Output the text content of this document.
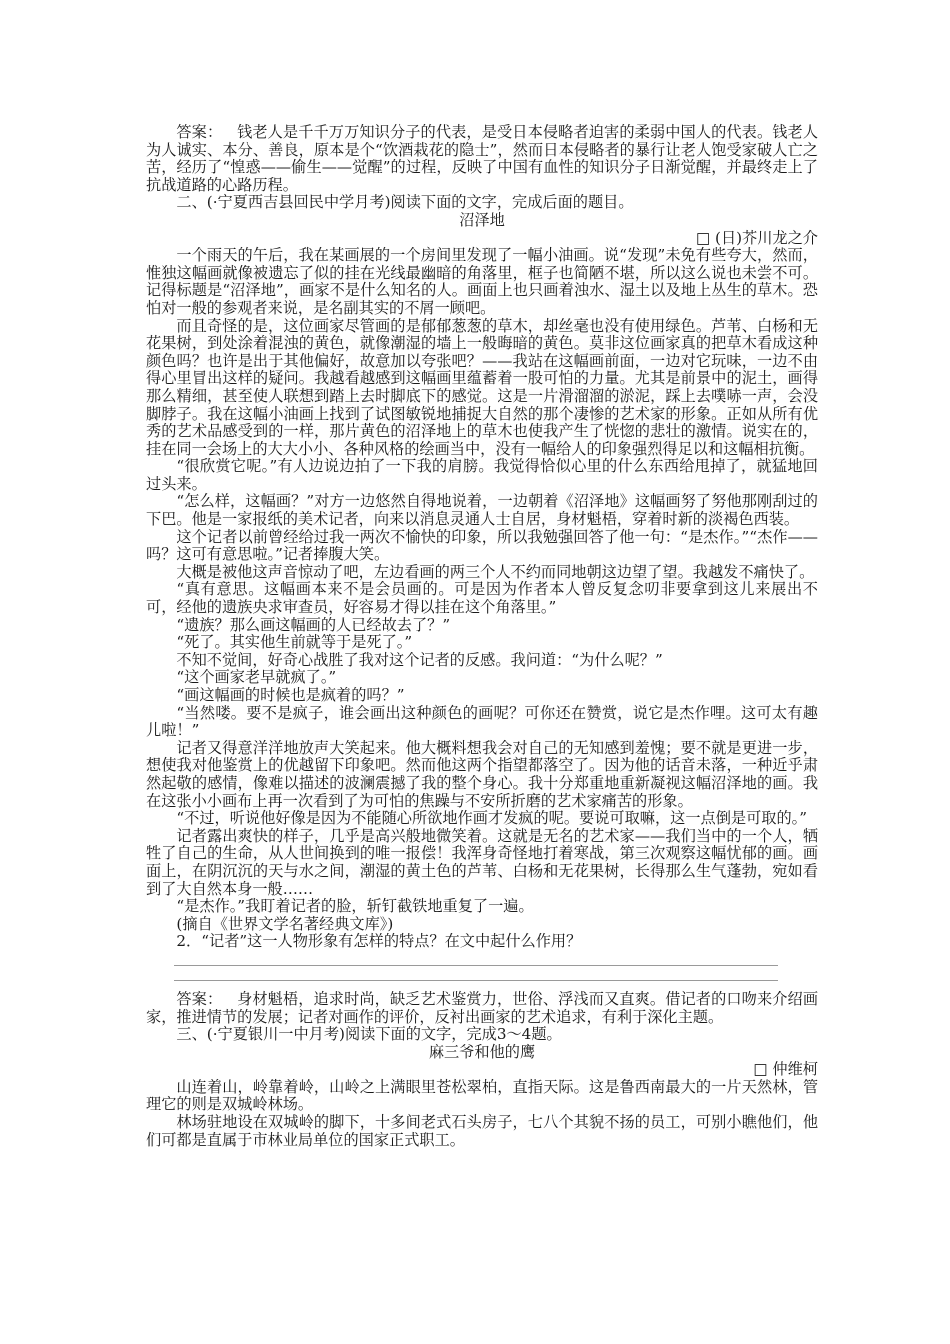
答案： 钱老人是千千万万知识分子的代表，是受日本侵略者迫害的柔弱中国人的代表。钱老人为人诚实、本分、善良，原本是个“饮酒栽花的隐士”，然而日本侵略者的暴行让老人饱受家破人亡之苦，经历了“惶惑——偷生——觉醒”的过程，反映了中国有血性的知识分子日渐觉醒，并最终走上了抗战道路的心路历程。

二、(·宁夏西吉县回民中学月考)阅读下面的文字，完成后面的题目。

沼泽地

□ (日)芥川龙之介

一个雨天的午后，我在某画展的一个房间里发现了一幅小油画。说“发现”未免有些夸大，然而，惟独这幅画就像被遗忘了似的挂在光线最幽暗的角落里，框子也简陋不堪，所以这么说也未尝不可。记得标题是“沼泽地”，画家不是什么知名的人。画面上也只画着浊水、湿土以及地上丛生的草木。恐怕对一般的参观者来说，是名副其实的不屑一顾吧。

而且奇怪的是，这位画家尽管画的是郁郁葱葱的草木，却丝毫也没有使用绿色。芦苇、白杨和无花果树，到处涂着混浊的黄色，就像潮湿的墙上一般晦暗的黄色。莫非这位画家真的把草木看成这种颜色吗？也许是出于其他偏好，故意加以夸张吧？——我站在这幅画前面，一边对它玩味，一边不由得心里冒出这样的疑问。我越看越感到这幅画里蕴蓄着一股可怕的力量。尤其是前景中的泥土，画得那么精细，甚至使人联想到踏上去时脚底下的感觉。这是一片滑溜溜的淤泥，踩上去噗哧一声，会没脚脖子。我在这幅小油画上找到了试图敏锐地捕捉大自然的那个凄惨的艺术家的形象。正如从所有优秀的艺术品感受到的一样，那片黄色的沼泽地上的草木也使我产生了恍惚的悲壮的激情。说实在的，挂在同一会场上的大大小小、各种风格的绘画当中，没有一幅给人的印象强烈得足以和这幅相抗衡。

“很欣赏它呢。”有人边说边拍了一下我的肩膀。我觉得恰似心里的什么东西给甩掉了，就猛地回过头来。

“怎么样，这幅画？”对方一边悠然自得地说着，一边朝着《沼泽地》这幅画努了努他那刚刮过的下巴。他是一家报纸的美术记者，向来以消息灵通人士自居，身材魁梧，穿着时新的淡褐色西装。

这个记者以前曾经给过我一两次不愉快的印象，所以我勉强回答了他一句：“是杰作。”“杰作——吗？这可有意思啦。”记者捧腹大笑。

大概是被他这声音惊动了吧，左边看画的两三个人不约而同地朝这边望了望。我越发不痛快了。

“真有意思。这幅画本来不是会员画的。可是因为作者本人曾反复念叨非要拿到这儿来展出不可，经他的遗族央求审查员，好容易才得以挂在这个角落里。”

“遗族？那么画这幅画的人已经故去了？”

“死了。其实他生前就等于是死了。”

不知不觉间，好奇心战胜了我对这个记者的反感。我问道：“为什么呢？”

“这个画家老早就疯了。”

“画这幅画的时候也是疯着的吗？”

“当然喽。要不是疯子，谁会画出这种颜色的画呢？可你还在赞赏，说它是杰作哩。这可太有趣儿啦！”

记者又得意洋洋地放声大笑起来。他大概料想我会对自己的无知感到羞愧；要不就是更进一步，想使我对他鉴赏上的优越留下印象吧。然而他这两个指望都落空了。因为他的话音未落，一种近乎肃然起敬的感情，像难以描述的波澜震撼了我的整个身心。我十分郑重地重新凝视这幅沼泽地的画。我在这张小小画布上再一次看到了为可怕的焦躁与不安所折磨的艺术家痛苦的形象。

“不过，听说他好像是因为不能随心所欲地作画才发疯的呢。要说可取嘛，这一点倒是可取的。”

记者露出爽快的样子，几乎是高兴般地微笑着。这就是无名的艺术家——我们当中的一个人，牺牲了自己的生命，从人世间换到的唯一报偿！我浑身奇怪地打着寒战，第三次观察这幅忧郁的画。画面上，在阴沉沉的天与水之间，潮湿的黄土色的芦苇、白杨和无花果树，长得那么生气蓬勃，宛如看到了大自然本身一般……

“是杰作。”我盯着记者的脸，斩钉截铁地重复了一遍。

(摘自《世界文学名著经典文库》)

2．“记者”这一人物形象有怎样的特点？在文中起什么作用？

答案： 身材魁梧，追求时尚，缺乏艺术鉴赏力，世俗、浮浅而又直爽。借记者的口吻来介绍画家，推进情节的发展；记者对画作的评价，反衬出画家的艺术追求，有利于深化主题。

三、(·宁夏银川一中月考)阅读下面的文字，完成3～4题。

麻三爷和他的鹰

□ 仲维柯

山连着山，岭靠着岭，山岭之上满眼里苍松翠柏，直指天际。这是鲁西南最大的一片天然林，管理它的则是双城岭林场。

林场驻地设在双城岭的脚下，十多间老式石头房子，七八个其貌不扬的员工，可别小瞧他们，他们可都是直属于市林业局单位的国家正式职工。
